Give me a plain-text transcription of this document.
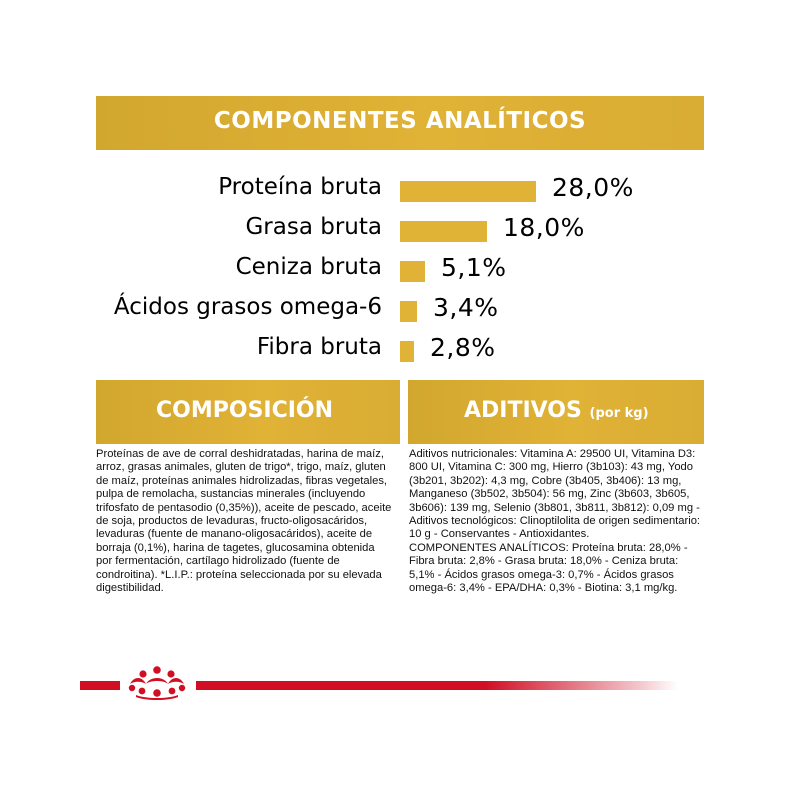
COMPONENTES ANALÍTICOS
Proteína bruta	28,0%
Grasa bruta	18,0%
Ceniza bruta 5,1%
Ácidos grasos omega-6 3,4%
Fibra bruta 2,8%
COMPOSICIÓN

Proteínas de ave de corral deshidratadas, harina de maíz, arroz, grasas animales, gluten de trigo*, trigo, maíz, gluten de maíz, proteínas animales hidrolizadas, fibras vegetales, pulpa de remolacha, sustancias minerales (incluyendo trifosfato de pentasodio (0,35%)), aceite de pescado, aceite de soja, productos de levaduras, fructo-oligosacáridos, levaduras (fuente de manano-oligosacáridos), aceite de borraja (0,1%), harina de tagetes, glucosamina obtenida por fermentación, cartílago hidrolizado (fuente de condroitina). *L.I.P.: proteína seleccionada por su elevada digestibilidad.

ADITIVOS (por kg)

Aditivos nutricionales: Vitamina A: 29500 UI, Vitamina D3: 800 UI, Vitamina C: 300 mg, Hierro (3b103): 43 mg, Yodo (3b201, 3b202): 4,3 mg, Cobre (3b405, 3b406): 13 mg, Manganeso (3b502, 3b504): 56 mg, Zinc (3b603, 3b605, 3b606): 139 mg, Selenio (3b801, 3b811, 3b812): 0,09 mg - Aditivos tecnológicos: Clinoptilolita de origen sedimentario: 10 g - Conservantes - Antioxidantes.

COMPONENTES ANALÍTICOS: Proteína bruta: 28,0% - Fibra bruta: 2,8% - Grasa bruta: 18,0% - Ceniza bruta: 5,1% - Ácidos grasos omega-3: 0,7% - Ácidos grasos omega-6: 3,4% - EPA/DHA: 0,3% - Biotina: 3,1 mg/kg.
